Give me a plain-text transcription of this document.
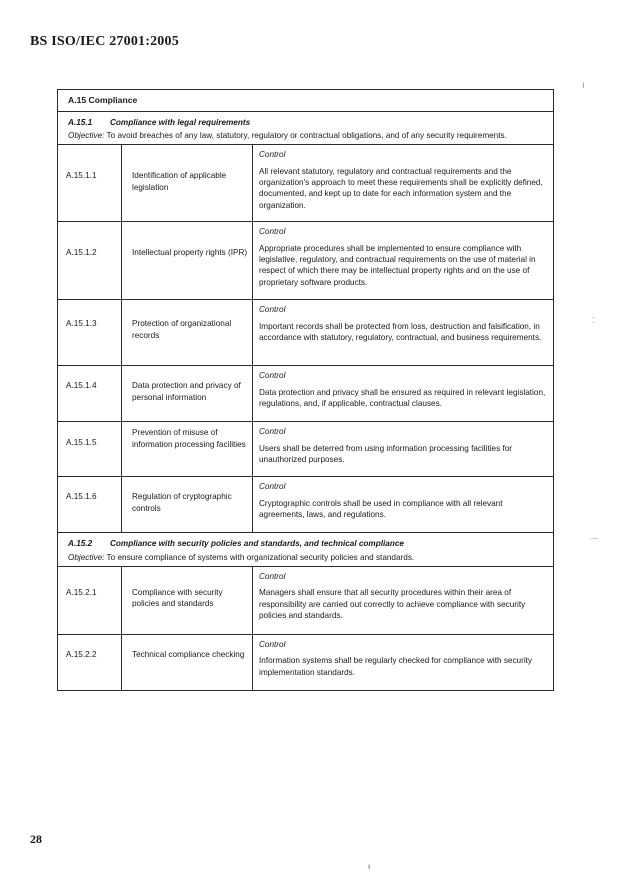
BS ISO/IEC 27001:2005
A.15 Compliance		
A.15.1 Compliance with legal requirements		
Objective: To avoid breaches of any law, statutory, regulatory or contractual obligations, and of any security requirements.		

A.15.1.1	Identification of applicable legislation	Control
All relevant statutory, regulatory and contractual requirements and the organization's approach to meet these requirements shall be explicitly defined, documented, and kept up to date for each information system and the organization.

A.15.1.2	Intellectual property rights (IPR)	Control
Appropriate procedures shall be implemented to ensure compliance with legislative, regulatory, and contractual requirements on the use of material in respect of which there may be intellectual property rights and on the use of proprietary software products.

A.15.1.3	Protection of organizational records	Control
Important records shall be protected from loss, destruction and falsification, in accordance with statutory, regulatory, contractual, and business requirements.

A.15.1.4	Data protection and privacy of personal information	Control
Data protection and privacy shall be ensured as required in relevant legislation, regulations, and, if applicable, contractual clauses.

A.15.1.5	Prevention of misuse of information processing facilities	Control
Users shall be deterred from using information processing facilities for unauthorized purposes.

A.15.1.6	Regulation of cryptographic controls	Control
Cryptographic controls shall be used in compliance with all relevant agreements, laws, and regulations.

A.15.2 Compliance with security policies and standards, and technical compliance		
Objective: To ensure compliance of systems with organizational security policies and standards.		

A.15.2.1	Compliance with security policies and standards	Control
Managers shall ensure that all security procedures within their area of responsibility are carried out correctly to achieve compliance with security policies and standards.

A.15.2.2	Technical compliance checking	Control
Information systems shall be regularly checked for compliance with security implementation standards.
28
ı
⁚
⌒
ı
